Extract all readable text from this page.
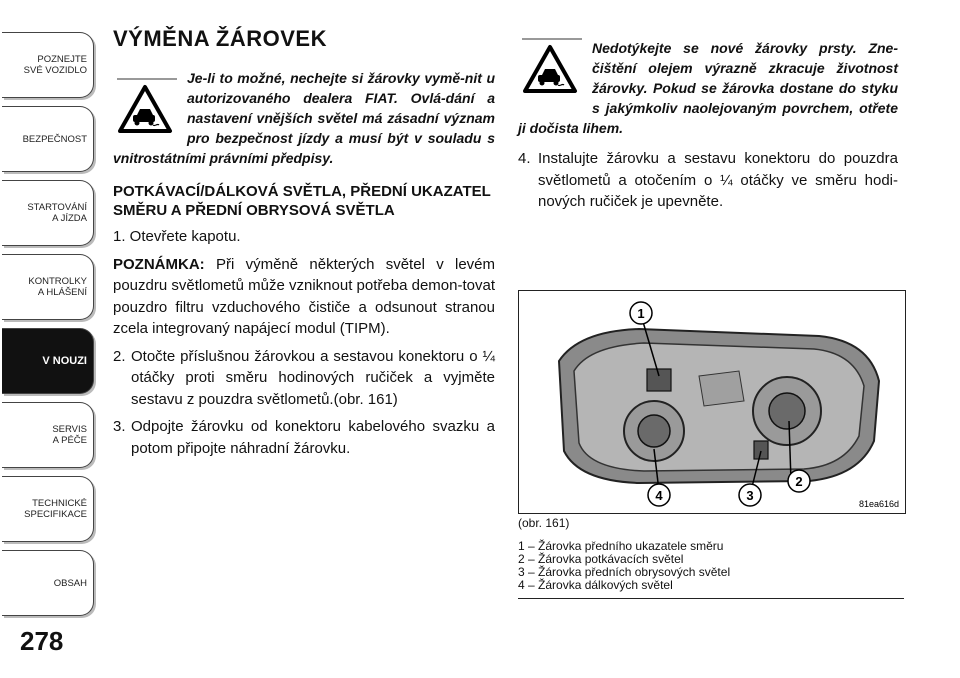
POZNEJTE
SVÉ VOZIDLO
BEZPEČNOST
STARTOVÁNÍ
A JÍZDA
KONTROLKY
A HLÁŠENÍ
V NOUZI
SERVIS
A PÉČE
TECHNICKÉ
SPECIFIKACE
OBSAH
278
VÝMĚNA ŽÁROVEK
Je-li to možné, nechejte si žárovky vymě-nit u autorizovaného dealera FIAT. Ovlá-dání a nastavení vnějších světel má zásadní význam pro bezpečnost jízdy a musí být v souladu s vnitrostátními právními předpisy.
POTKÁVACÍ/DÁLKOVÁ SVĚTLA, PŘEDNÍ UKAZATEL SMĚRU A PŘEDNÍ OBRYSOVÁ SVĚTLA

1. Otevřete kapotu.

POZNÁMKA: Při výměně některých světel v levém pouzdru světlometů může vzniknout potřeba demon-tovat pouzdro filtru vzduchového čističe a odsunout stranou zcela integrovaný napájecí modul (TIPM).

2. Otočte příslušnou žárovkou a sestavou konektoru o ¼ otáčky proti směru hodinových ručiček a vyjměte sestavu z pouzdra světlometů.(obr. 161)

3. Odpojte žárovku od konektoru kabelového svazku a potom připojte náhradní žárovku.

Nedotýkejte se nové žárovky prsty. Zne-čištění olejem výrazně zkracuje životnost žárovky. Pokud se žárovka dostane do styku s jakýmkoliv naolejovaným povrchem, otřete ji dočista lihem.

4. Instalujte žárovku a sestavu konektoru do pouzdra světlometů a otočením o ¼ otáčky ve směru hodi-nových ručiček je upevněte.

1
2
3
4
81ea616d
(obr. 161)
1 – Žárovka předního ukazatele směru
2 – Žárovka potkávacích světel
3 – Žárovka předních obrysových světel
4 – Žárovka dálkových světel
